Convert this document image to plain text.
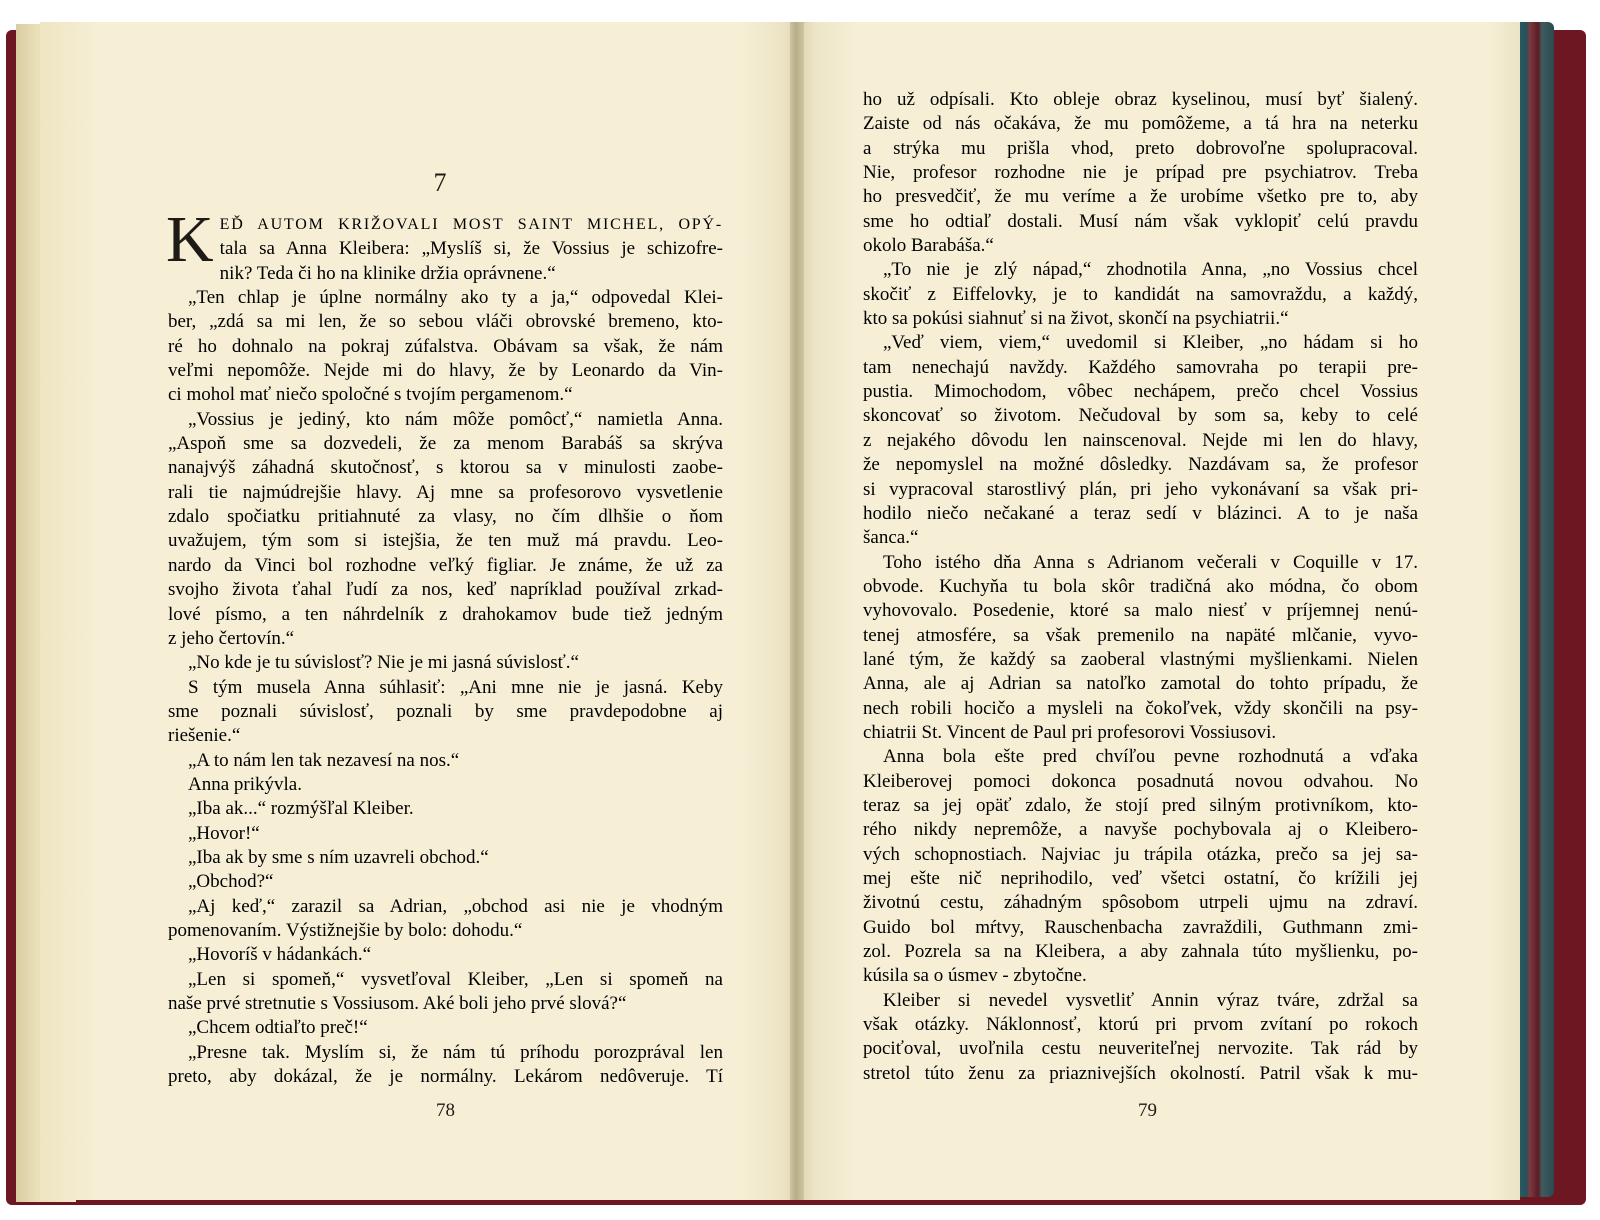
7
K EĎ AUTOM KRIŽOVALI MOST SAINT MICHEL, OPÝ-
tala sa Anna Kleibera: „Myslíš si, že Vossius je schizofre-
nik? Teda či ho na klinike držia oprávnene.“
„Ten chlap je úplne normálny ako ty a ja,“ odpovedal Klei-
ber, „zdá sa mi len, že so sebou vláči obrovské bremeno, kto-
ré ho dohnalo na pokraj zúfalstva. Obávam sa však, že nám
veľmi nepomôže. Nejde mi do hlavy, že by Leonardo da Vin-
ci mohol mať niečo spoločné s tvojím pergamenom.“
„Vossius je jediný, kto nám môže pomôcť,“ namietla Anna.
„Aspoň sme sa dozvedeli, že za menom Barabáš sa skrýva
nanajvýš záhadná skutočnosť, s ktorou sa v minulosti zaobe-
rali tie najmúdrejšie hlavy. Aj mne sa profesorovo vysvetlenie
zdalo spočiatku pritiahnuté za vlasy, no čím dlhšie o ňom
uvažujem, tým som si istejšia, že ten muž má pravdu. Leo-
nardo da Vinci bol rozhodne veľký figliar. Je známe, že už za
svojho života ťahal ľudí za nos, keď napríklad používal zrkad-
lové písmo, a ten náhrdelník z drahokamov bude tiež jedným
z jeho čertovín.“
„No kde je tu súvislosť? Nie je mi jasná súvislosť.“
S tým musela Anna súhlasiť: „Ani mne nie je jasná. Keby
sme poznali súvislosť, poznali by sme pravdepodobne aj
riešenie.“
„A to nám len tak nezavesí na nos.“
Anna prikývla.
„Iba ak...“ rozmýšľal Kleiber.
„Hovor!“
„Iba ak by sme s ním uzavreli obchod.“
„Obchod?“
„Aj keď,“ zarazil sa Adrian, „obchod asi nie je vhodným
pomenovaním. Výstižnejšie by bolo: dohodu.“
„Hovoríš v hádankách.“
„Len si spomeň,“ vysvetľoval Kleiber, „Len si spomeň na
naše prvé stretnutie s Vossiusom. Aké boli jeho prvé slová?“
„Chcem odtiaľto preč!“
„Presne tak. Myslím si, že nám tú príhodu porozprával len
preto, aby dokázal, že je normálny. Lekárom nedôveruje. Tí
ho už odpísali. Kto obleje obraz kyselinou, musí byť šialený.
Zaiste od nás očakáva, že mu pomôžeme, a tá hra na neterku
a strýka mu prišla vhod, preto dobrovoľne spolupracoval.
Nie, profesor rozhodne nie je prípad pre psychiatrov. Treba
ho presvedčiť, že mu veríme a že urobíme všetko pre to, aby
sme ho odtiaľ dostali. Musí nám však vyklopiť celú pravdu
okolo Barabáša.“
„To nie je zlý nápad,“ zhodnotila Anna, „no Vossius chcel
skočiť z Eiffelovky, je to kandidát na samovraždu, a každý,
kto sa pokúsi siahnuť si na život, skončí na psychiatrii.“
„Veď viem, viem,“ uvedomil si Kleiber, „no hádam si ho
tam nenechajú navždy. Každého samovraha po terapii pre-
pustia. Mimochodom, vôbec nechápem, prečo chcel Vossius
skoncovať so životom. Nečudoval by som sa, keby to celé
z nejakého dôvodu len nainscenoval. Nejde mi len do hlavy,
že nepomyslel na možné dôsledky. Nazdávam sa, že profesor
si vypracoval starostlivý plán, pri jeho vykonávaní sa však pri-
hodilo niečo nečakané a teraz sedí v blázinci. A to je naša
šanca.“
Toho istého dňa Anna s Adrianom večerali v Coquille v 17.
obvode. Kuchyňa tu bola skôr tradičná ako módna, čo obom
vyhovovalo. Posedenie, ktoré sa malo niesť v príjemnej nenú-
tenej atmosfére, sa však premenilo na napäté mlčanie, vyvo-
lané tým, že každý sa zaoberal vlastnými myšlienkami. Nielen
Anna, ale aj Adrian sa natoľko zamotal do tohto prípadu, že
nech robili hocičo a mysleli na čokoľvek, vždy skončili na psy-
chiatrii St. Vincent de Paul pri profesorovi Vossiusovi.
Anna bola ešte pred chvíľou pevne rozhodnutá a vďaka
Kleiberovej pomoci dokonca posadnutá novou odvahou. No
teraz sa jej opäť zdalo, že stojí pred silným protivníkom, kto-
rého nikdy nepremôže, a navyše pochybovala aj o Kleibero-
vých schopnostiach. Najviac ju trápila otázka, prečo sa jej sa-
mej ešte nič neprihodilo, veď všetci ostatní, čo krížili jej
životnú cestu, záhadným spôsobom utrpeli ujmu na zdraví.
Guido bol mŕtvy, Rauschenbacha zavraždili, Guthmann zmi-
zol. Pozrela sa na Kleibera, a aby zahnala túto myšlienku, po-
kúsila sa o úsmev - zbytočne.
Kleiber si nevedel vysvetliť Annin výraz tváre, zdržal sa
však otázky. Náklonnosť, ktorú pri prvom zvítaní po rokoch
pociťoval, uvoľnila cestu neuveriteľnej nervozite. Tak rád by
stretol túto ženu za priaznivejších okolností. Patril však k mu-
78	79
